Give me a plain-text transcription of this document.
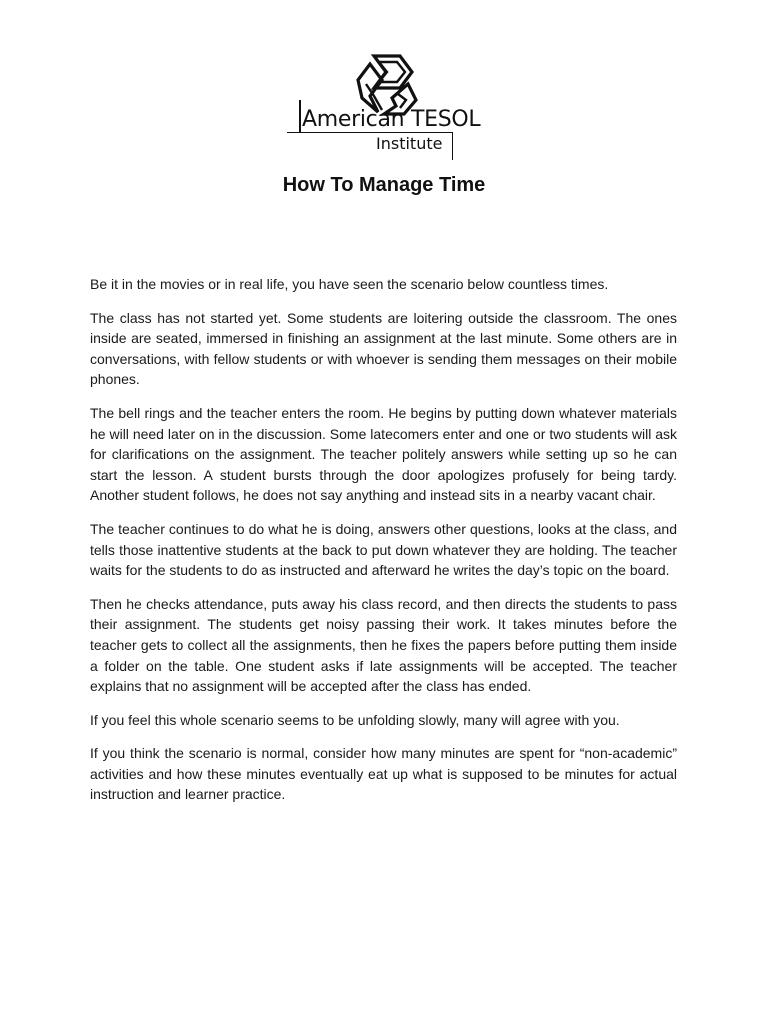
American TESOL
Institute
How To Manage Time

Be it in the movies or in real life, you have seen the scenario below countless times.

The class has not started yet. Some students are loitering outside the classroom. The ones inside are seated, immersed in finishing an assignment at the last minute. Some others are in conversations, with fellow students or with whoever is sending them messages on their mobile phones.

The bell rings and the teacher enters the room. He begins by putting down whatever materials he will need later on in the discussion. Some latecomers enter and one or two students will ask for clarifications on the assignment. The teacher politely answers while setting up so he can start the lesson. A student bursts through the door apologizes profusely for being tardy. Another student follows, he does not say anything and instead sits in a nearby vacant chair.

The teacher continues to do what he is doing, answers other questions, looks at the class, and tells those inattentive students at the back to put down whatever they are holding. The teacher waits for the students to do as instructed and afterward he writes the day’s topic on the board.

Then he checks attendance, puts away his class record, and then directs the students to pass their assignment. The students get noisy passing their work. It takes minutes before the teacher gets to collect all the assignments, then he fixes the papers before putting them inside a folder on the table. One student asks if late assignments will be accepted. The teacher explains that no assignment will be accepted after the class has ended.

If you feel this whole scenario seems to be unfolding slowly, many will agree with you.

If you think the scenario is normal, consider how many minutes are spent for “non-academic” activities and how these minutes eventually eat up what is supposed to be minutes for actual instruction and learner practice.
